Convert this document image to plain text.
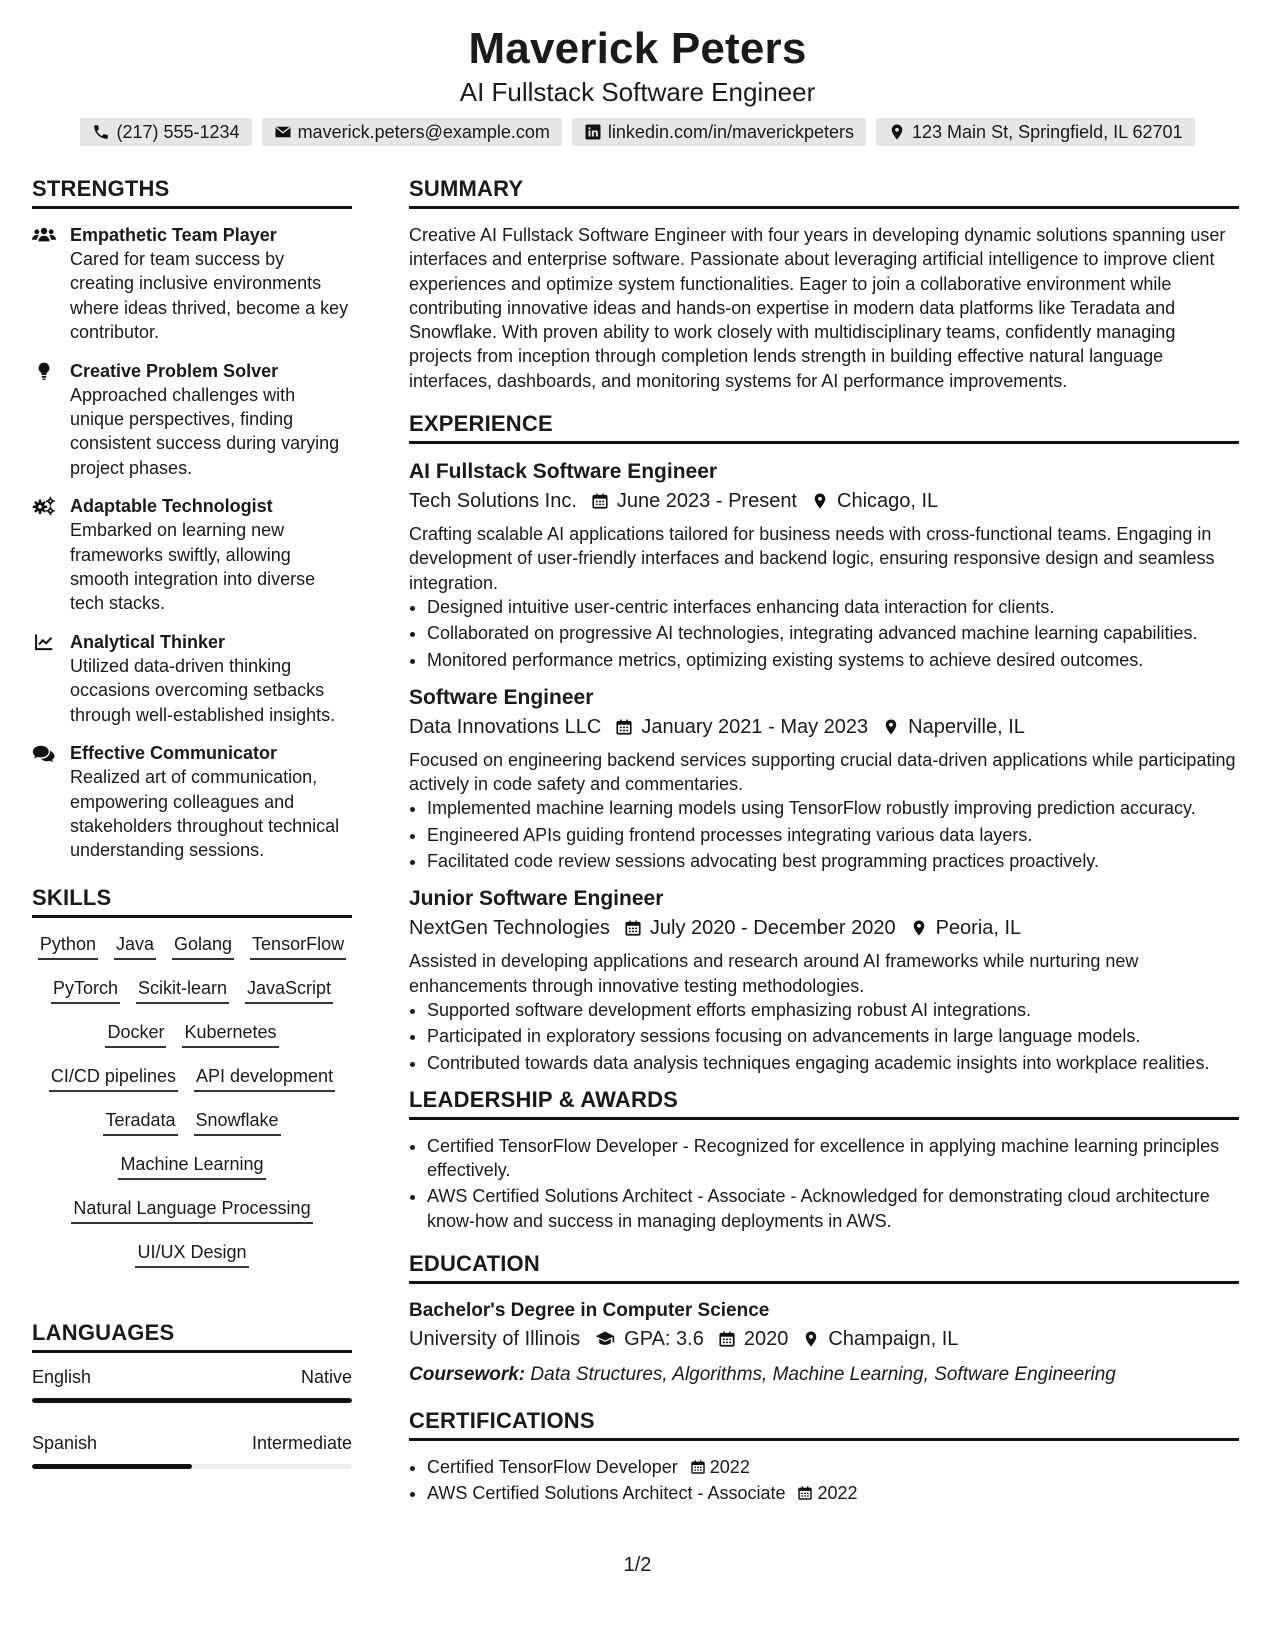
Maverick Peters
AI Fullstack Software Engineer
(217) 555-1234	maverick.peters@example.com	linkedin.com/in/maverickpeters	123 Main St, Springfield, IL 62701
STRENGTHS
Empathetic Team Player
Cared for team success by creating inclusive environments where ideas thrived, become a key contributor.
Creative Problem Solver
Approached challenges with unique perspectives, finding consistent success during varying project phases.
Adaptable Technologist
Embarked on learning new frameworks swiftly, allowing smooth integration into diverse tech stacks.
Analytical Thinker
Utilized data-driven thinking occasions overcoming setbacks through well-established insights.
Effective Communicator
Realized art of communication, empowering colleagues and stakeholders throughout technical understanding sessions.
SKILLS
Python Java Golang TensorFlow
PyTorch Scikit-learn JavaScript
Docker Kubernetes
CI/CD pipelines API development
Teradata Snowflake
Machine Learning
Natural Language Processing
UI/UX Design
LANGUAGES
English	Native
Spanish	Intermediate
SUMMARY
Creative AI Fullstack Software Engineer with four years in developing dynamic solutions spanning user interfaces and enterprise software. Passionate about leveraging artificial intelligence to improve client experiences and optimize system functionalities. Eager to join a collaborative environment while contributing innovative ideas and hands-on expertise in modern data platforms like Teradata and Snowflake. With proven ability to work closely with multidisciplinary teams, confidently managing projects from inception through completion lends strength in building effective natural language interfaces, dashboards, and monitoring systems for AI performance improvements.
EXPERIENCE
AI Fullstack Software Engineer
Tech Solutions Inc. June 2023 - Present Chicago, IL
Crafting scalable AI applications tailored for business needs with cross-functional teams. Engaging in development of user-friendly interfaces and backend logic, ensuring responsive design and seamless integration.
• Designed intuitive user-centric interfaces enhancing data interaction for clients.
• Collaborated on progressive AI technologies, integrating advanced machine learning capabilities.
• Monitored performance metrics, optimizing existing systems to achieve desired outcomes.
Software Engineer
Data Innovations LLC January 2021 - May 2023 Naperville, IL
Focused on engineering backend services supporting crucial data-driven applications while participating actively in code safety and commentaries.
• Implemented machine learning models using TensorFlow robustly improving prediction accuracy.
• Engineered APIs guiding frontend processes integrating various data layers.
• Facilitated code review sessions advocating best programming practices proactively.
Junior Software Engineer
NextGen Technologies July 2020 - December 2020 Peoria, IL
Assisted in developing applications and research around AI frameworks while nurturing new enhancements through innovative testing methodologies.
• Supported software development efforts emphasizing robust AI integrations.
• Participated in exploratory sessions focusing on advancements in large language models.
• Contributed towards data analysis techniques engaging academic insights into workplace realities.
LEADERSHIP & AWARDS
• Certified TensorFlow Developer - Recognized for excellence in applying machine learning principles effectively.
• AWS Certified Solutions Architect - Associate - Acknowledged for demonstrating cloud architecture know-how and success in managing deployments in AWS.
EDUCATION
Bachelor's Degree in Computer Science
University of Illinois GPA: 3.6 2020 Champaign, IL
Coursework: Data Structures, Algorithms, Machine Learning, Software Engineering
CERTIFICATIONS
• Certified TensorFlow Developer 2022
• AWS Certified Solutions Architect - Associate 2022
1/2
